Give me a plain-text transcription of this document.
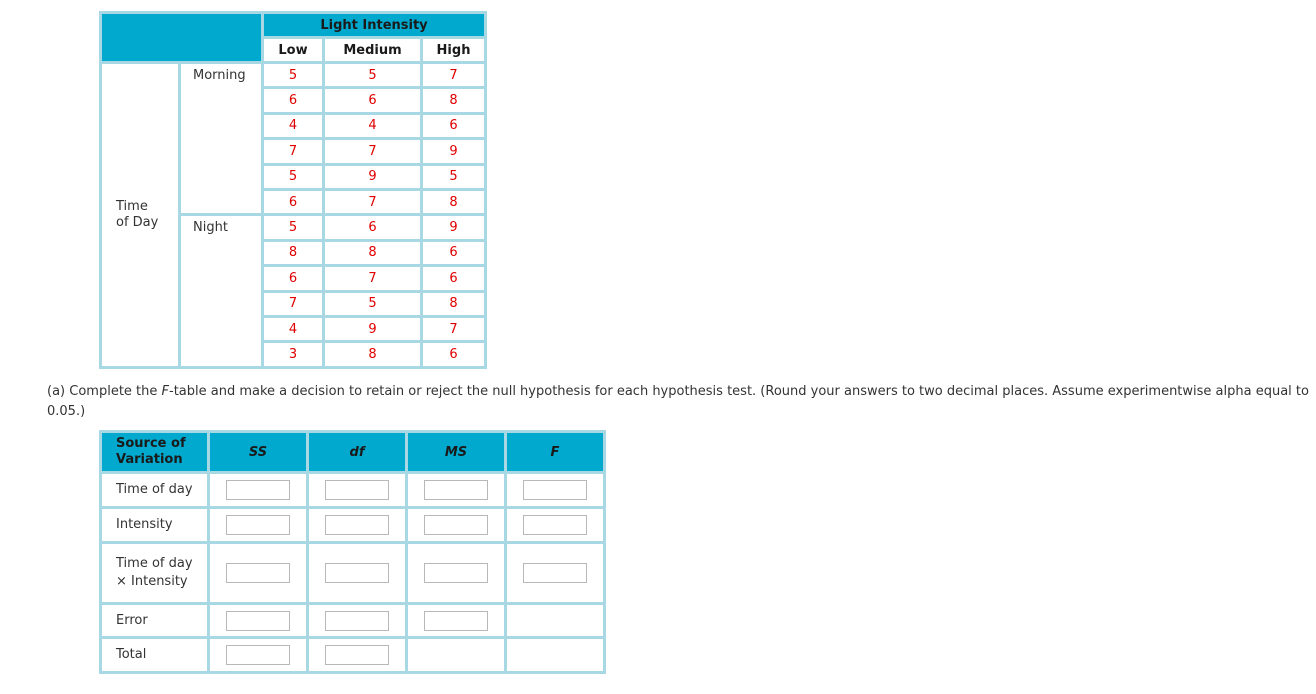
		Light Intensity		
		Low	Medium	High
Time of Day	Morning	5	5	7
		6	6	8
		4	4	6
		7	7	9
		5	9	5
		6	7	8
	Night	5	6	9
		8	8	6
		6	7	6
		7	5	8
		4	9	7
		3	8	6

(a) Complete the F-table and make a decision to retain or reject the null hypothesis for each hypothesis test. (Round your answers to two decimal places. Assume experimentwise alpha equal to 0.05.)

Source of Variation	SS	df	MS	F
Time of day				
Intensity				
Time of day × Intensity				
Error				
Total				
